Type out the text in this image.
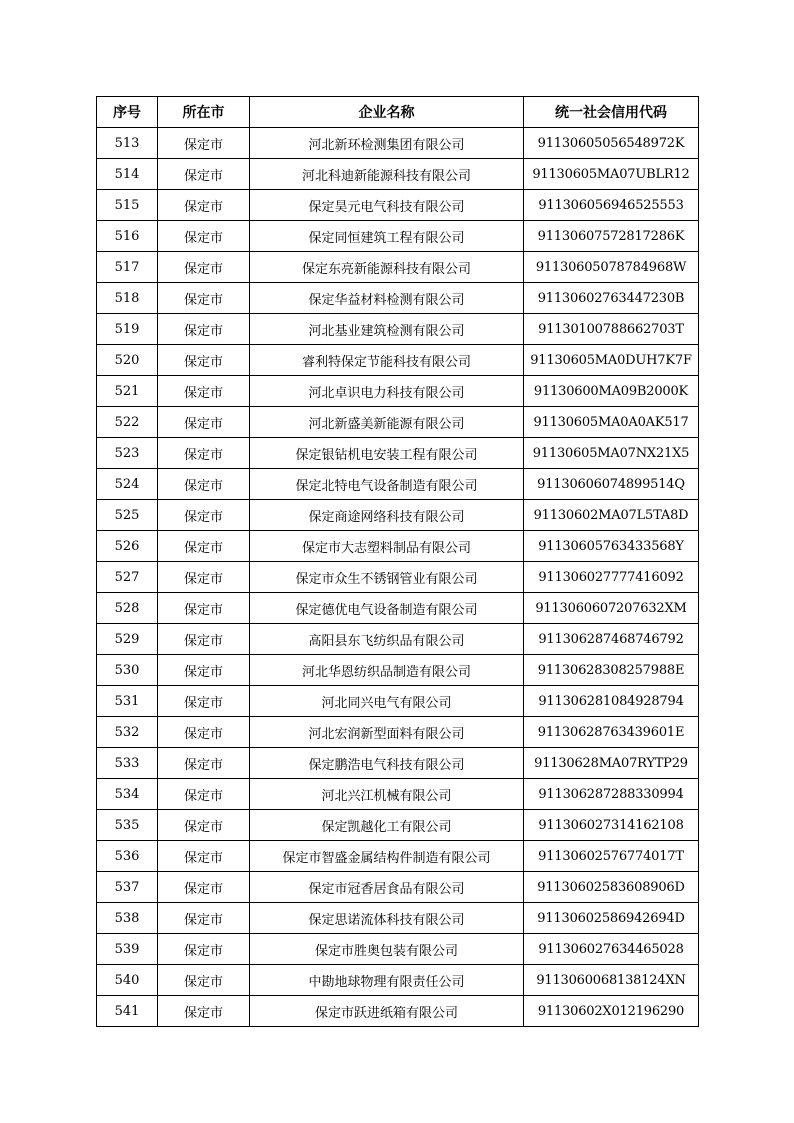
序号	所在市	企业名称	统一社会信用代码
513	保定市	河北新环检测集团有限公司	91130605056548972K
514	保定市	河北科迪新能源科技有限公司	91130605MA07UBLR12
515	保定市	保定昊元电气科技有限公司	911306056946525553
516	保定市	保定同恒建筑工程有限公司	91130607572817286K
517	保定市	保定东亮新能源科技有限公司	91130605078784968W
518	保定市	保定华益材料检测有限公司	91130602763447230B
519	保定市	河北基业建筑检测有限公司	91130100788662703T
520	保定市	睿利特保定节能科技有限公司	91130605MA0DUH7K7F
521	保定市	河北卓识电力科技有限公司	91130600MA09B2000K
522	保定市	河北新盛美新能源有限公司	91130605MA0A0AK517
523	保定市	保定银钻机电安装工程有限公司	91130605MA07NX21X5
524	保定市	保定北特电气设备制造有限公司	91130606074899514Q
525	保定市	保定商途网络科技有限公司	91130602MA07L5TA8D
526	保定市	保定市大志塑料制品有限公司	91130605763433568Y
527	保定市	保定市众生不锈钢管业有限公司	911306027777416092
528	保定市	保定德优电气设备制造有限公司	9113060607207632XM
529	保定市	高阳县东飞纺织品有限公司	911306287468746792
530	保定市	河北华恩纺织品制造有限公司	91130628308257988E
531	保定市	河北同兴电气有限公司	911306281084928794
532	保定市	河北宏润新型面料有限公司	91130628763439601E
533	保定市	保定鹏浩电气科技有限公司	91130628MA07RYTP29
534	保定市	河北兴江机械有限公司	911306287288330994
535	保定市	保定凯越化工有限公司	911306027314162108
536	保定市	保定市智盛金属结构件制造有限公司	91130602576774017T
537	保定市	保定市冠香居食品有限公司	91130602583608906D
538	保定市	保定思诺流体科技有限公司	91130602586942694D
539	保定市	保定市胜奥包装有限公司	911306027634465028
540	保定市	中勘地球物理有限责任公司	9113060068138124XN
541	保定市	保定市跃进纸箱有限公司	91130602X012196290
